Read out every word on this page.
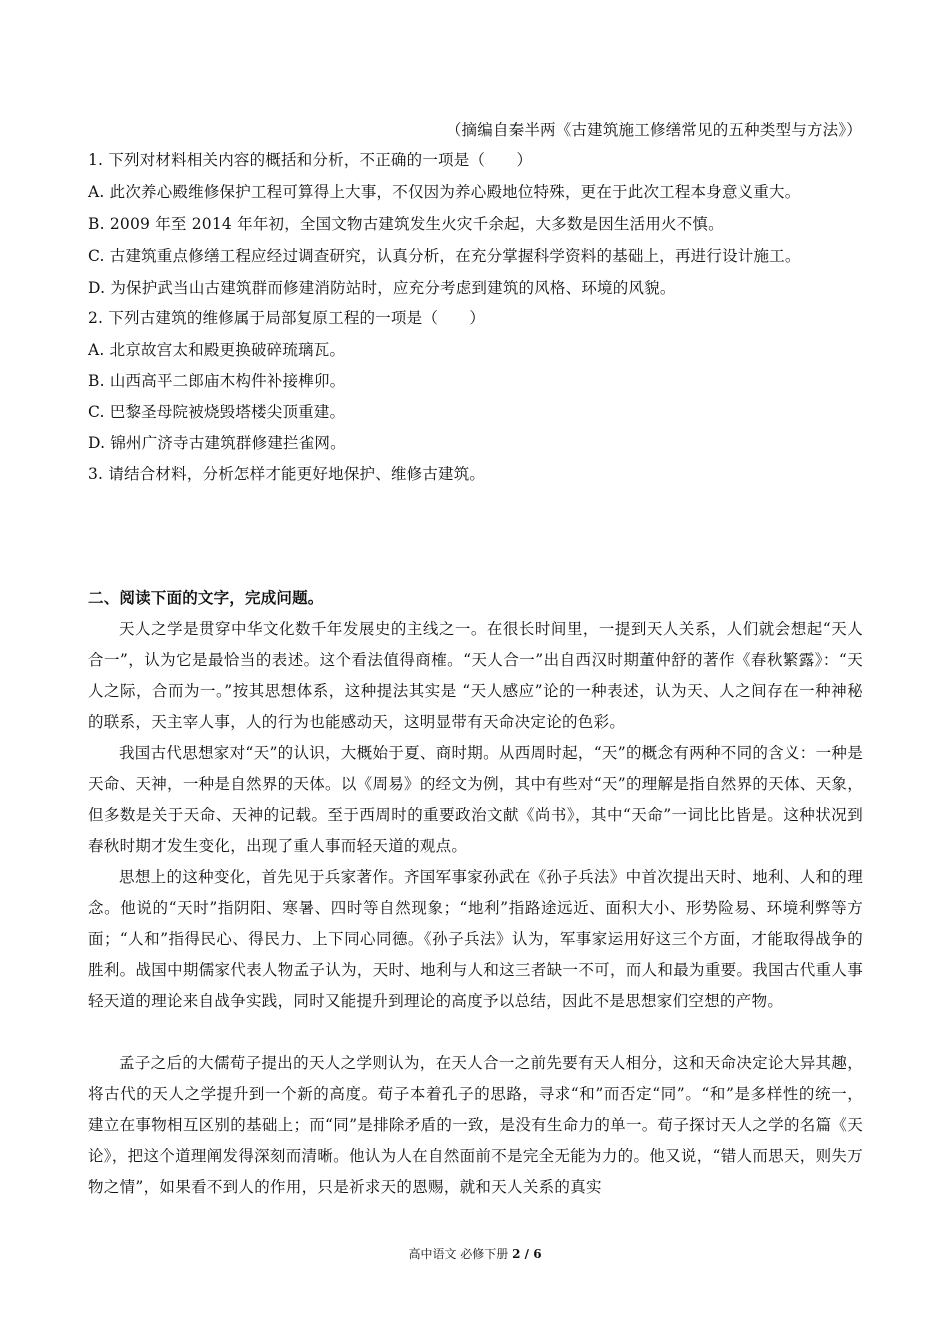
（摘编自秦半两《古建筑施工修缮常见的五种类型与方法》）
1. 下列对材料相关内容的概括和分析，不正确的一项是（　　）
A. 此次养心殿维修保护工程可算得上大事，不仅因为养心殿地位特殊，更在于此次工程本身意义重大。
B. 2009 年至 2014 年年初，全国文物古建筑发生火灾千余起，大多数是因生活用火不慎。
C. 古建筑重点修缮工程应经过调查研究，认真分析，在充分掌握科学资料的基础上，再进行设计施工。
D. 为保护武当山古建筑群而修建消防站时，应充分考虑到建筑的风格、环境的风貌。
2. 下列古建筑的维修属于局部复原工程的一项是（　　）
A. 北京故宫太和殿更换破碎琉璃瓦。
B. 山西高平二郎庙木构件补接榫卯。
C. 巴黎圣母院被烧毁塔楼尖顶重建。
D. 锦州广济寺古建筑群修建拦雀网。
3. 请结合材料，分析怎样才能更好地保护、维修古建筑。
二、阅读下面的文字，完成问题。
天人之学是贯穿中华文化数千年发展史的主线之一。在很长时间里，一提到天人关系，人们就会想起“天人合一”，认为它是最恰当的表述。这个看法值得商榷。“天人合一”出自西汉时期董仲舒的著作《春秋繁露》：“天人之际，合而为一。”按其思想体系，这种提法其实是 “天人感应”论的一种表述，认为天、人之间存在一种神秘的联系，天主宰人事，人的行为也能感动天，这明显带有天命决定论的色彩。
我国古代思想家对“天”的认识，大概始于夏、商时期。从西周时起，“天”的概念有两种不同的含义：一种是天命、天神，一种是自然界的天体。以《周易》的经文为例，其中有些对“天”的理解是指自然界的天体、天象，但多数是关于天命、天神的记载。至于西周时的重要政治文献《尚书》，其中“天命”一词比比皆是。这种状况到春秋时期才发生变化，出现了重人事而轻天道的观点。
思想上的这种变化，首先见于兵家著作。齐国军事家孙武在《孙子兵法》中首次提出天时、地利、人和的理念。他说的“天时”指阴阳、寒暑、四时等自然现象；“地利”指路途远近、面积大小、形势险易、环境利弊等方面；“人和”指得民心、得民力、上下同心同德。《孙子兵法》认为，军事家运用好这三个方面，才能取得战争的胜利。战国中期儒家代表人物孟子认为，天时、地利与人和这三者缺一不可，而人和最为重要。我国古代重人事轻天道的理论来自战争实践，同时又能提升到理论的高度予以总结，因此不是思想家们空想的产物。
孟子之后的大儒荀子提出的天人之学则认为，在天人合一之前先要有天人相分，这和天命决定论大异其趣，将古代的天人之学提升到一个新的高度。荀子本着孔子的思路，寻求“和”而否定“同”。“和”是多样性的统一，建立在事物相互区别的基础上；而“同”是排除矛盾的一致，是没有生命力的单一。荀子探讨天人之学的名篇《天论》，把这个道理阐发得深刻而清晰。他认为人在自然面前不是完全无能为力的。他又说，“错人而思天，则失万物之情”，如果看不到人的作用，只是祈求天的恩赐，就和天人关系的真实
高中语文 必修下册 2 / 6
